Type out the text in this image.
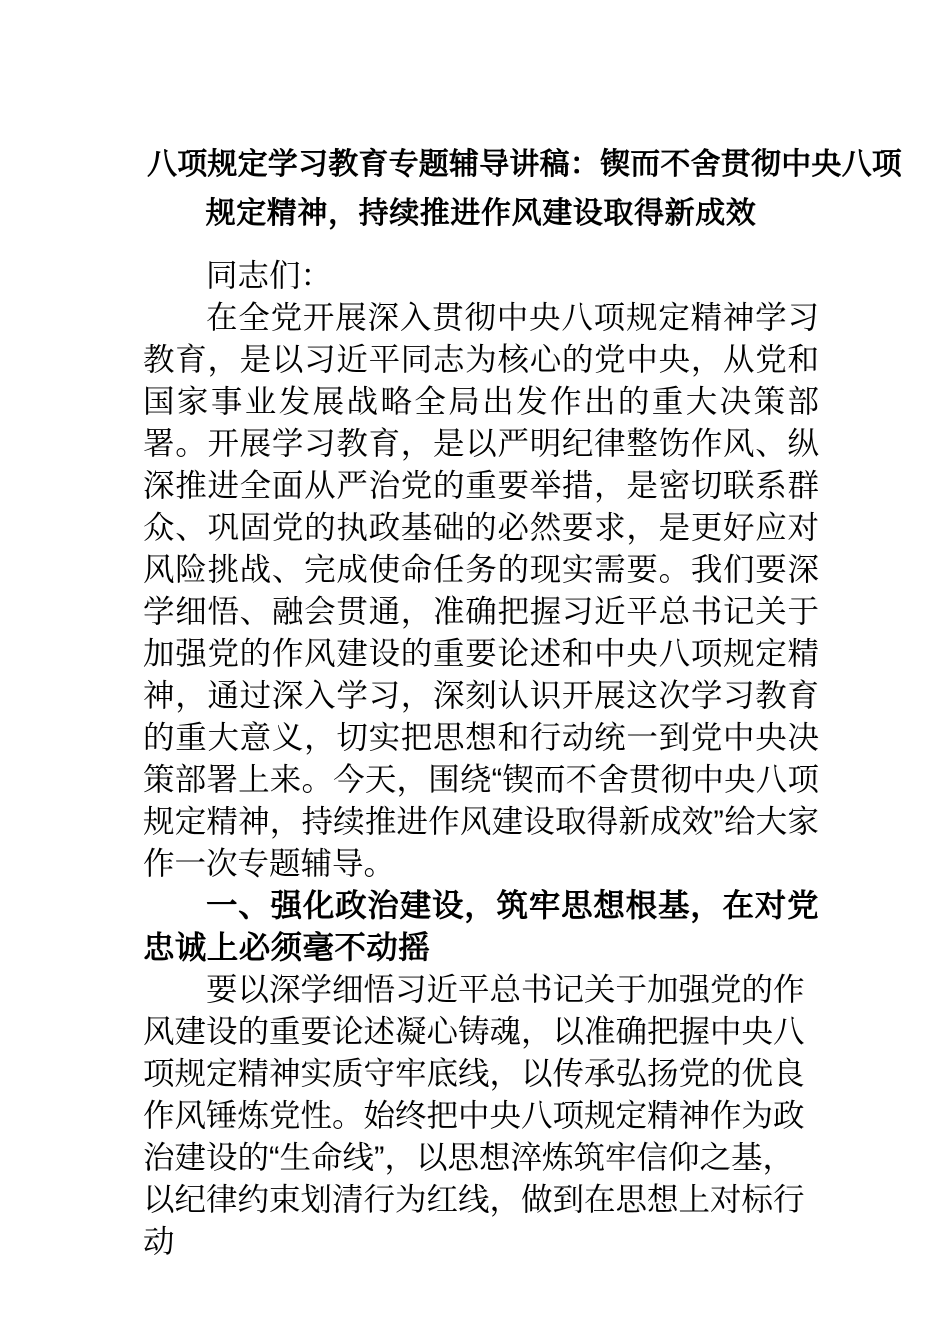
八项规定学习教育专题辅导讲稿：锲而不舍贯彻中央八项
规定精神，持续推进作风建设取得新成效

同志们：

在全党开展深入贯彻中央八项规定精神学习教育，是以习近平同志为核心的党中央，从党和国家事业发展战略全局出发作出的重大决策部署。开展学习教育，是以严明纪律整饬作风、纵深推进全面从严治党的重要举措，是密切联系群众、巩固党的执政基础的必然要求，是更好应对风险挑战、完成使命任务的现实需要。我们要深学细悟、融会贯通，准确把握习近平总书记关于加强党的作风建设的重要论述和中央八项规定精神，通过深入学习，深刻认识开展这次学习教育的重大意义，切实把思想和行动统一到党中央决策部署上来。今天，围绕“锲而不舍贯彻中央八项规定精神，持续推进作风建设取得新成效”给大家作一次专题辅导。

一、强化政治建设，筑牢思想根基，在对党忠诚上必须毫不动摇

要以深学细悟习近平总书记关于加强党的作风建设的重要论述凝心铸魂，以准确把握中央八项规定精神实质守牢底线，以传承弘扬党的优良作风锤炼党性。始终把中央八项规定精神作为政治建设的“生命线”，以思想淬炼筑牢信仰之基，以纪律约束划清行为红线，做到在思想上对标行动
